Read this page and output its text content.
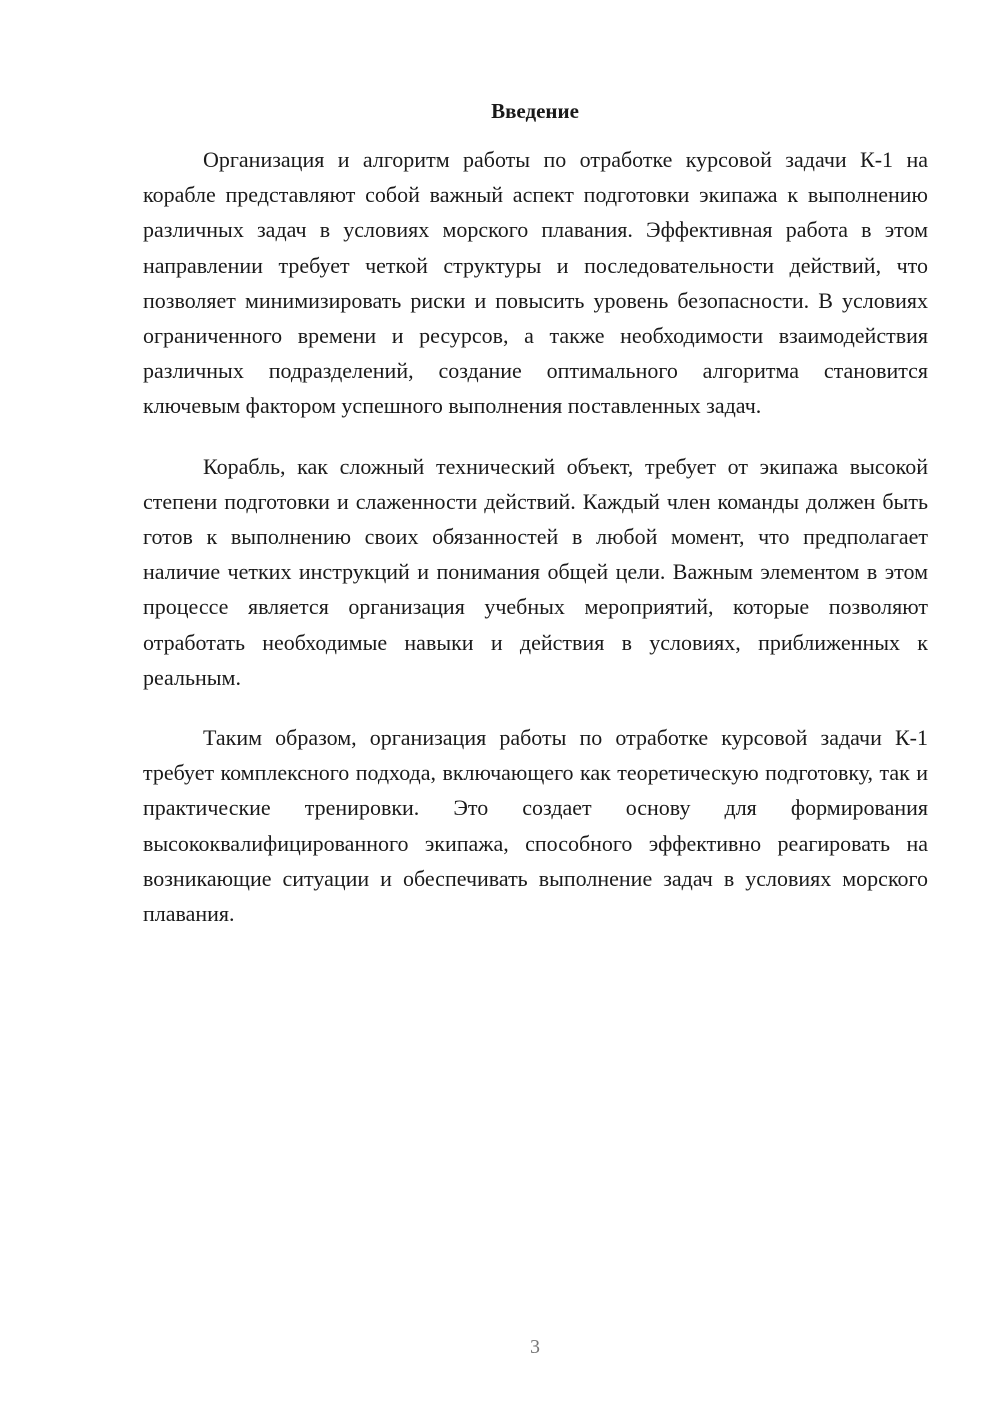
Введение

Организация и алгоритм работы по отработке курсовой задачи К-1 на корабле представляют собой важный аспект подготовки экипажа к выполнению различных задач в условиях морского плавания. Эффективная работа в этом направлении требует четкой структуры и последовательности действий, что позволяет минимизировать риски и повысить уровень безопасности. В условиях ограниченного времени и ресурсов, а также необходимости взаимодействия различных подразделений, создание оптимального алгоритма становится ключевым фактором успешного выполнения поставленных задач.

Корабль, как сложный технический объект, требует от экипажа высокой степени подготовки и слаженности действий. Каждый член команды должен быть готов к выполнению своих обязанностей в любой момент, что предполагает наличие четких инструкций и понимания общей цели. Важным элементом в этом процессе является организация учебных мероприятий, которые позволяют отработать необходимые навыки и действия в условиях, приближенных к реальным.

Таким образом, организация работы по отработке курсовой задачи К-1 требует комплексного подхода, включающего как теоретическую подготовку, так и практические тренировки. Это создает основу для формирования высококвалифицированного экипажа, способного эффективно реагировать на возникающие ситуации и обеспечивать выполнение задач в условиях морского плавания.

3
